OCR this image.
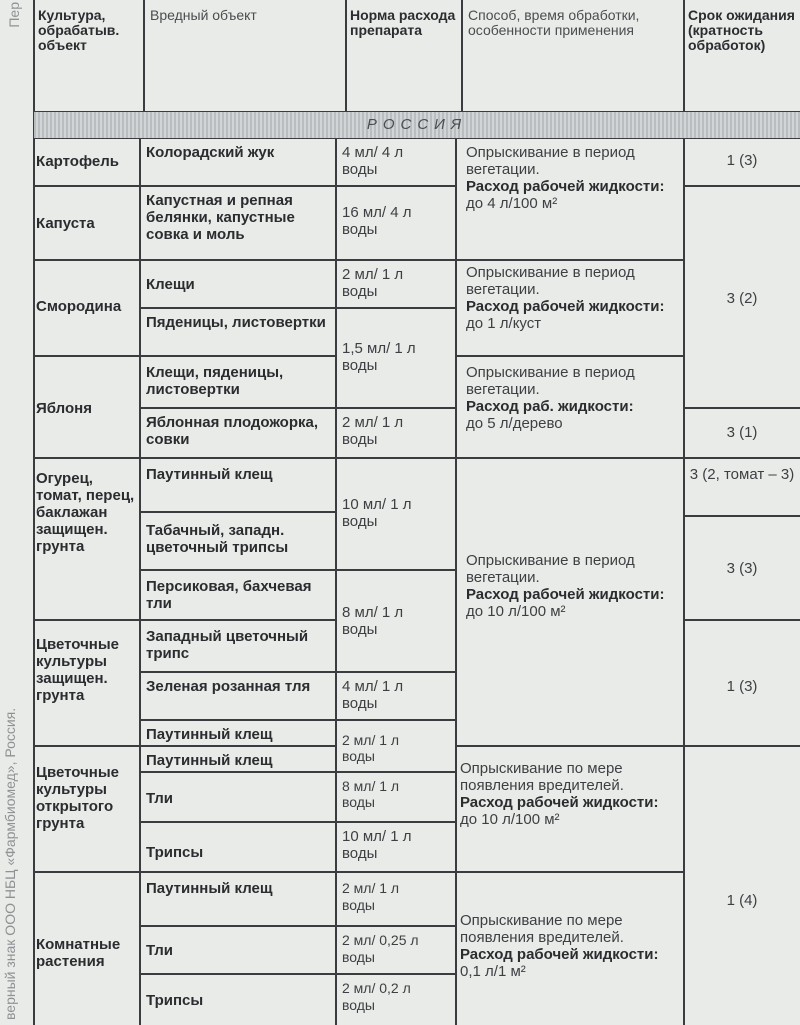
Пер
верный знак ООО НБЦ «Фармбиомед», Россия.
Культура, обрабатыв. объект
Вредный объект	Норма расхода препарата
Способ, время обработки, особенности применения
Срок ожидания (кратность обработок)
РОССИЯ
Картофель
Капуста
Смородина
Яблоня
Огурец, томат, перец, баклажан защищен. грунта
Цветочные культуры защищен. грунта
Цветочные культуры открытого грунта
Комнатные растения
Колорадский жук
Капустная и репная белянки, капустные совка и моль
Клещи
Пяденицы, листовертки
Клещи, пяденицы, листовертки
Яблонная плодожорка, совки
Паутинный клещ
Табачный, западн. цветочный трипсы
Персиковая, бахчевая тли
Западный цветочный трипс
Зеленая розанная тля
Паутинный клещ
Паутинный клещ
Тли
Трипсы
Паутинный клещ
Тли
Трипсы
4 мл/ 4 л воды
16 мл/ 4 л воды
2 мл/ 1 л воды
1,5 мл/ 1 л воды
2 мл/ 1 л воды
10 мл/ 1 л воды
8 мл/ 1 л воды
4 мл/ 1 л воды
2 мл/ 1 л воды
8 мл/ 1 л воды
10 мл/ 1 л воды
2 мл/ 1 л воды
2 мл/ 0,25 л воды
2 мл/ 0,2 л воды
Опрыскивание в период вегетации.
Расход рабочей жидкости:
до 4 л/100 м²
Опрыскивание в период вегетации.
Расход рабочей жидкости:
до 1 л/куст
Опрыскивание в период вегетации.
Расход раб. жидкости:
до 5 л/дерево
Опрыскивание в период вегетации.
Расход рабочей жидкости:
до 10 л/100 м²
Опрыскивание по мере появления вредителей.
Расход рабочей жидкости:
до 10 л/100 м²
Опрыскивание по мере появления вредителей.
Расход рабочей жидкости:
0,1 л/1 м²
1 (3)
3 (2)
3 (1)
3 (2, томат – 3)
3 (3)
1 (3)
1 (4)
